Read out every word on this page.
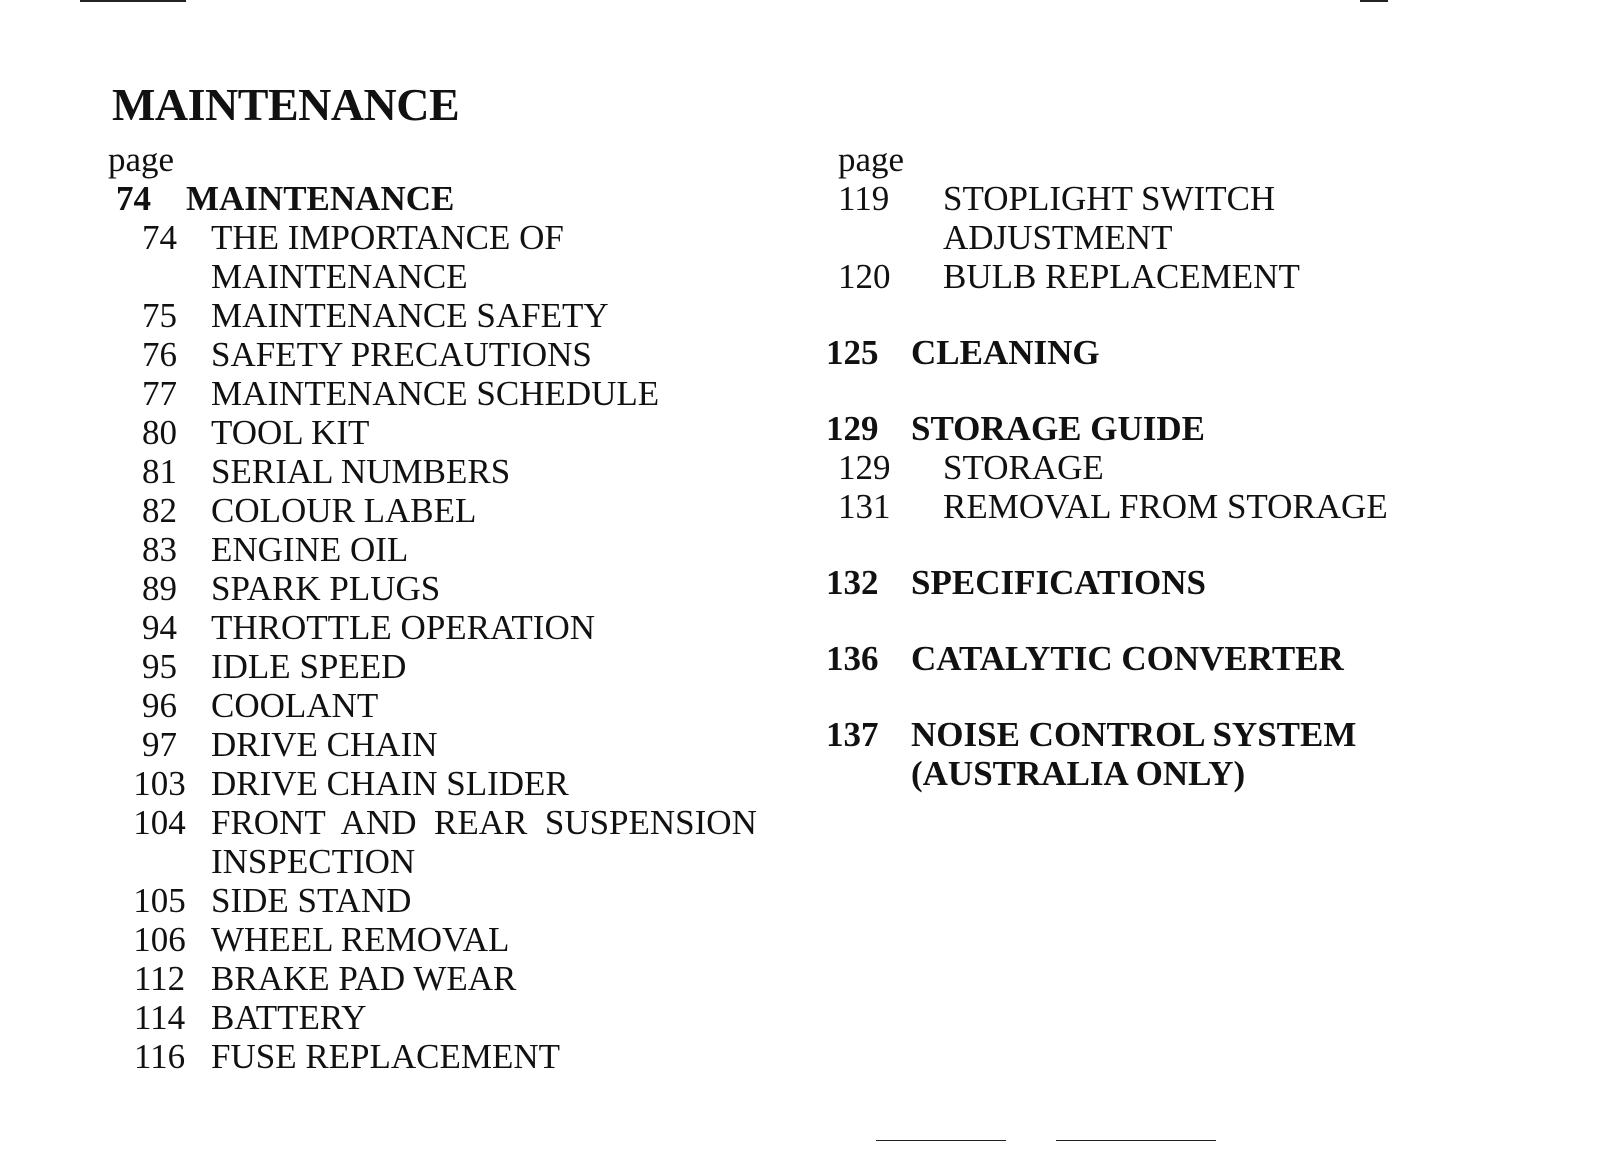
MAINTENANCE
page
74	MAINTENANCE
74 THE IMPORTANCE OF
MAINTENANCE
75 MAINTENANCE SAFETY
76 SAFETY PRECAUTIONS
77 MAINTENANCE SCHEDULE
80 TOOL KIT
81 SERIAL NUMBERS
82 COLOUR LABEL
83 ENGINE OIL
89 SPARK PLUGS
94 THROTTLE OPERATION
95 IDLE SPEED
96 COOLANT
97 DRIVE CHAIN
103 DRIVE CHAIN SLIDER
104 FRONT  AND  REAR  SUSPENSION
INSPECTION
105 SIDE STAND
106 WHEEL REMOVAL
112 BRAKE PAD WEAR
114 BATTERY
116 FUSE REPLACEMENT
page
119	STOPLIGHT SWITCH
ADJUSTMENT
120	BULB REPLACEMENT
125 CLEANING
129 STORAGE GUIDE
129	STORAGE
131	REMOVAL FROM STORAGE
132 SPECIFICATIONS
136 CATALYTIC CONVERTER
137 NOISE CONTROL SYSTEM
(AUSTRALIA ONLY)
